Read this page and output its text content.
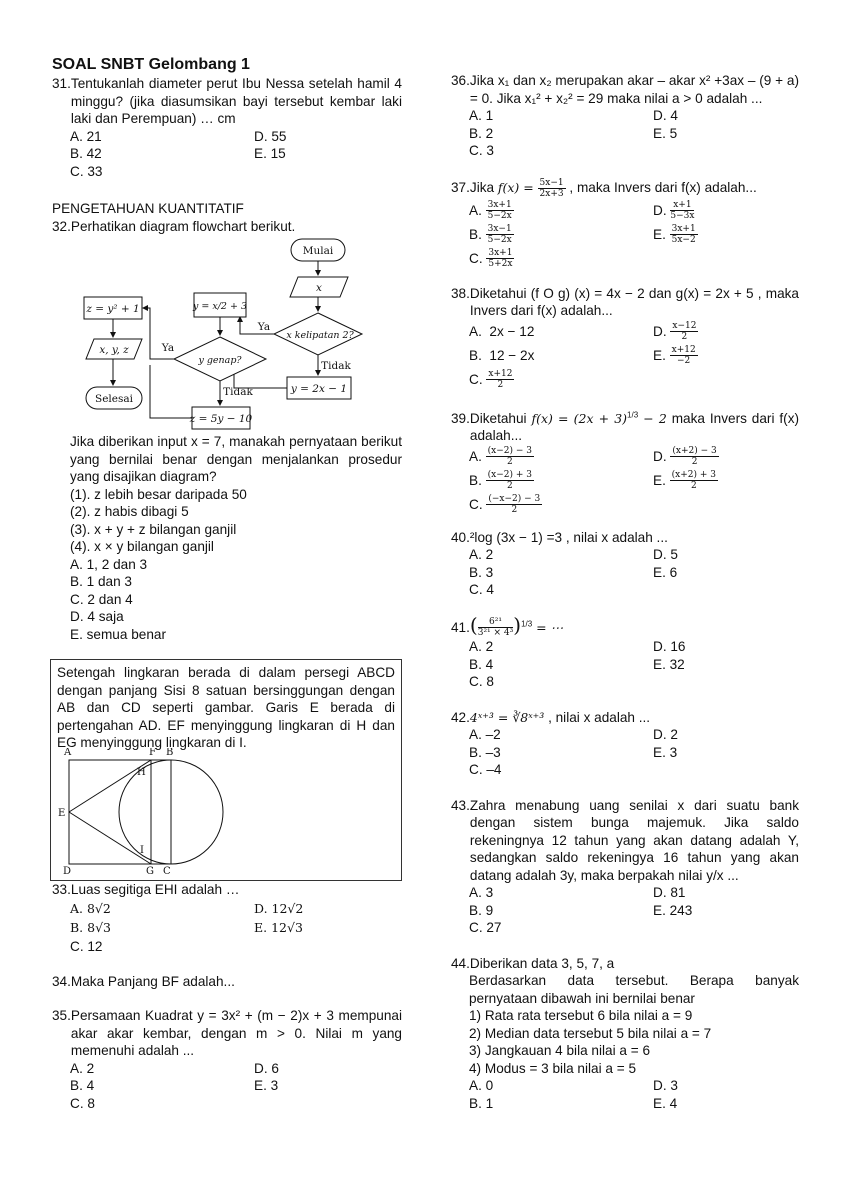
SOAL SNBT Gelombang 1
31. Tentukanlah diameter perut Ibu Nessa setelah hamil 4 minggu? (jika diasumsikan bayi tersebut kembar laki laki dan Perempuan) … cm
A. 21	D. 55
B. 42	E. 15
C. 33
PENGETAHUAN KUANTITATIF
32. Perhatikan diagram flowchart berikut.
Mulai
x
x kelipatan 2?
Ya
Tidak
y = 2x − 1
y = x/2 + 3
y genap?
Ya
Tidak
z = 5y − 10
z = y² + 1
x, y, z
Selesai
Jika diberikan input x = 7, manakah pernyataan berikut yang bernilai benar dengan menjalankan prosedur yang disajikan diagram?
(1). z lebih besar daripada 50
(2). z habis dibagi 5
(3). x + y + z bilangan ganjil
(4). x × y bilangan ganjil
A. 1, 2 dan 3
B. 1 dan 3
C. 2 dan 4
D. 4 saja
E. semua benar
Setengah lingkaran berada di dalam persegi ABCD dengan panjang Sisi 8 satuan bersinggungan dengan AB dan CD seperti gambar. Garis E berada di pertengahan AD. EF menyinggung lingkaran di H dan EG menyinggung lingkaran di I.
A	F B
H
E
I
D	G C
33. Luas segitiga EHI adalah …
A. 8√2	D. 12√2
B. 8√3	E. 12√3
C. 12
34. Maka Panjang BF adalah...
35. Persamaan Kuadrat y = 3x² + (m − 2)x + 3 mempunai akar akar kembar, dengan m > 0. Nilai m yang memenuhi adalah ...
A. 2	D. 6
B. 4	E. 3
C. 8
36. Jika x₁ dan x₂ merupakan akar – akar x² +3ax – (9 + a) = 0. Jika x₁² + x₂² = 29 maka nilai a > 0 adalah ...
A. 1	D. 4
B. 2	E. 5
C. 3
37. Jika $f(x) = \frac{5x-1}{2x+3}$ , maka Invers dari f(x) adalah...
A. $\frac{3x+1}{5-2x}$	D. $\frac{x+1}{5-3x}$
B. $\frac{3x-1}{5-2x}$	E. $\frac{3x+1}{5x-2}$
C. $\frac{3x+1}{5+2x}$
38. Diketahui (f O g) (x) = 4x − 2 dan g(x) = 2x + 5 , maka Invers dari f(x) adalah...
A. 2x − 12	D. $\frac{x-12}{2}$
B. 12 − 2x	E. $\frac{x+12}{-2}$
C. $\frac{x+12}{2}$
39. Diketahui $f(x) = (2x + 3)^{1/3} - 2$ maka Invers dari f(x) adalah...
A. $\frac{(x-2) - 3}{2}$	D. $\frac{(x+2) - 3}{2}$
B. $\frac{(x-2) + 3}{2}$	E. $\frac{(x+2) + 3}{2}$
C. $\frac{(-x-2) - 3}{2}$
40. ²log (3x − 1) =3 , nilai x adalah ...
A. 2	D. 5
B. 3	E. 6
C. 4
41. ( $\frac{\text{6²¹}}{\text{3²¹ × 4³}} )^{1/3}$ = ⋯
A. 2	D. 16
B. 4	E. 32
C. 8
42. 4ˣ⁺³ = ∛8ˣ⁺³ , nilai x adalah ...
A. –2	D. 2
B. –3	E. 3
C. –4
43. Zahra menabung uang senilai x dari suatu bank dengan sistem bunga majemuk. Jika saldo rekeningnya 12 tahun yang akan datang adalah Y, sedangkan saldo rekeningya 16 tahun yang akan datang adalah 3y, maka berpakah nilai y/x ...
A. 3	D. 81
B. 9	E. 243
C. 27
44. Diberikan data 3, 5, 7, a
Berdasarkan data tersebut. Berapa banyak pernyataan dibawah ini bernilai benar
1) Rata rata tersebut 6 bila nilai a = 9
2) Median data tersebut 5 bila nilai a = 7
3) Jangkauan 4 bila nilai a = 6
4) Modus = 3 bila nilai a = 5
A. 0	D. 3
B. 1	E. 4
